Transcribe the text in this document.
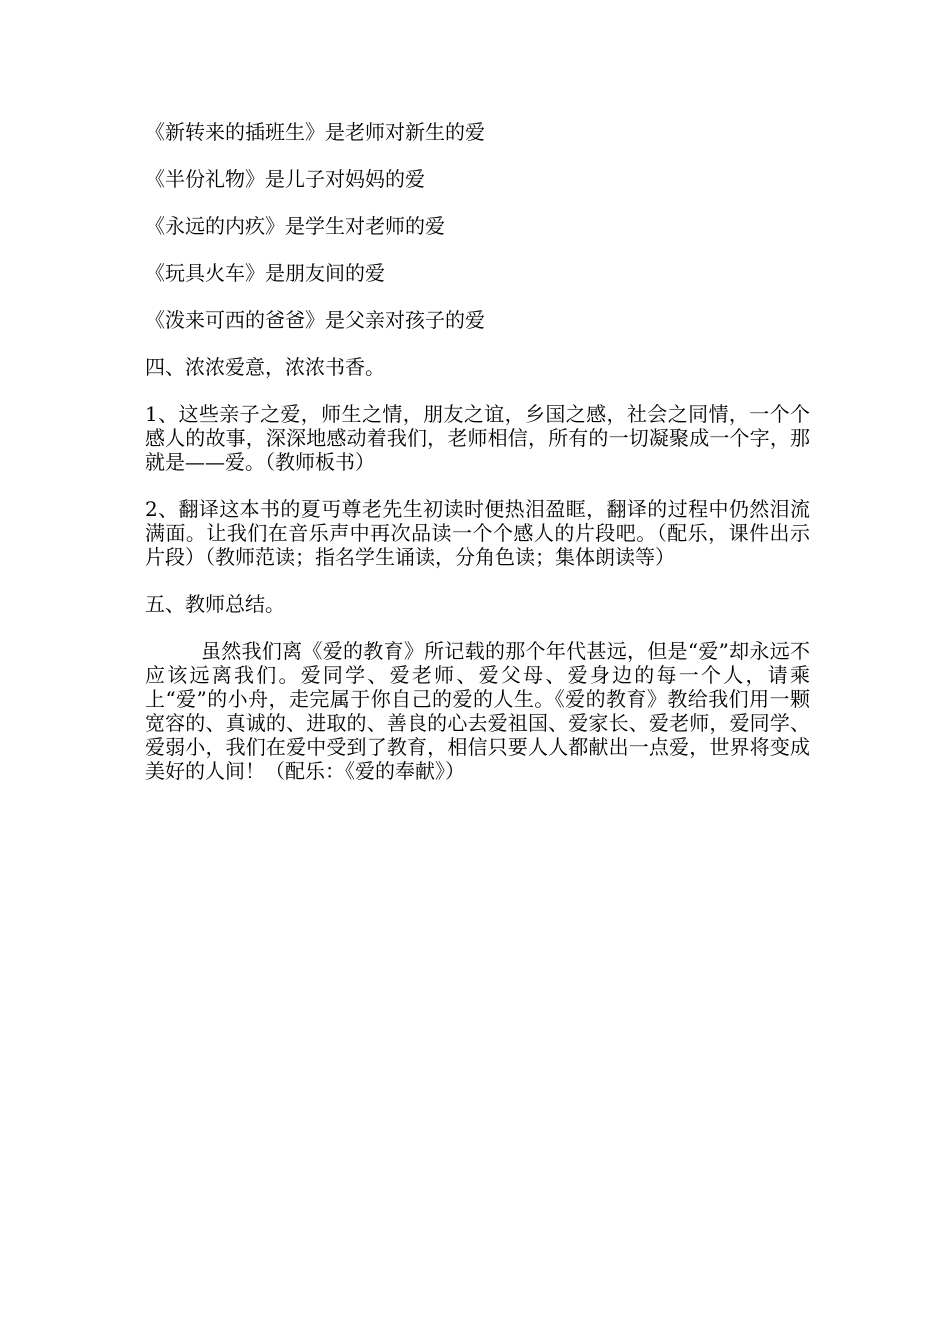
《新转来的插班生》是老师对新生的爱

《半份礼物》是儿子对妈妈的爱

《永远的内疚》是学生对老师的爱

《玩具火车》是朋友间的爱

《泼来可西的爸爸》是父亲对孩子的爱

四、浓浓爱意，浓浓书香。

1、这些亲子之爱，师生之情，朋友之谊，乡国之感，社会之同情，一个个感人的故事，深深地感动着我们，老师相信，所有的一切凝聚成一个字，那就是——爱。（教师板书）

2、翻译这本书的夏丏尊老先生初读时便热泪盈眶，翻译的过程中仍然泪流满面。让我们在音乐声中再次品读一个个感人的片段吧。（配乐，课件出示片段）（教师范读；指名学生诵读，分角色读；集体朗读等）

五、教师总结。

虽然我们离《爱的教育》所记载的那个年代甚远，但是“爱”却永远不应该远离我们。爱同学、爱老师、爱父母、爱身边的每一个人，请乘上“爱”的小舟，走完属于你自己的爱的人生。《爱的教育》教给我们用一颗宽容的、真诚的、进取的、善良的心去爱祖国、爱家长、爱老师，爱同学、爱弱小，我们在爱中受到了教育，相信只要人人都献出一点爱，世界将变成美好的人间！（配乐：《爱的奉献》）
